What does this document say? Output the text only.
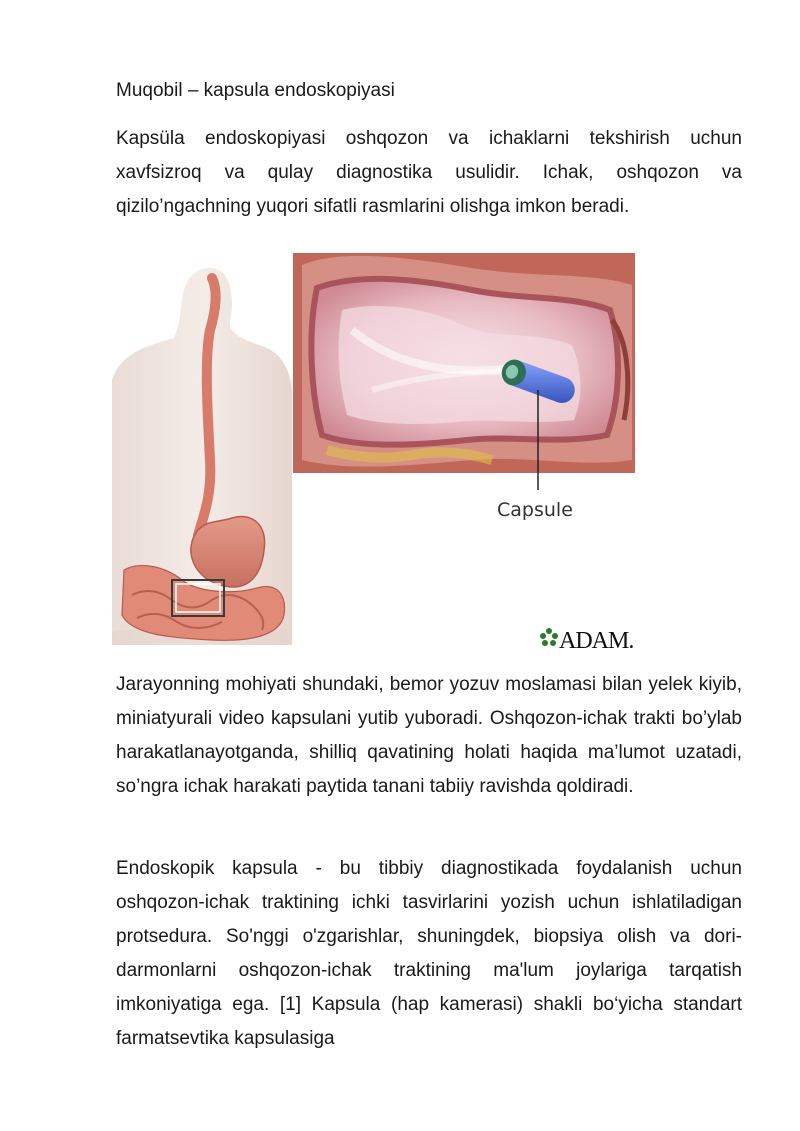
Muqobil – kapsula endoskopiyasi

Kapsüla endoskopiyasi oshqozon va ichaklarni tekshirish uchun xavfsizroq va qulay diagnostika usulidir. Ichak, oshqozon va qizilo’ngachning yuqori sifatli rasmlarini olishga imkon beradi.

Capsule
ADAM.

Jarayonning mohiyati shundaki, bemor yozuv moslamasi bilan yelek kiyib, miniatyurali video kapsulani yutib yuboradi. Oshqozon-ichak trakti bo’ylab harakatlanayotganda, shilliq qavatining holati haqida ma’lumot uzatadi, so’ngra ichak harakati paytida tanani tabiiy ravishda qoldiradi.

Endoskopik kapsula - bu tibbiy diagnostikada foydalanish uchun oshqozon-ichak traktining ichki tasvirlarini yozish uchun ishlatiladigan protsedura. So'nggi o'zgarishlar, shuningdek, biopsiya olish va dori-darmonlarni oshqozon-ichak traktining ma'lum joylariga tarqatish imkoniyatiga ega. [1] Kapsula (hap kamerasi) shakli bo‘yicha standart farmatsevtika kapsulasiga
